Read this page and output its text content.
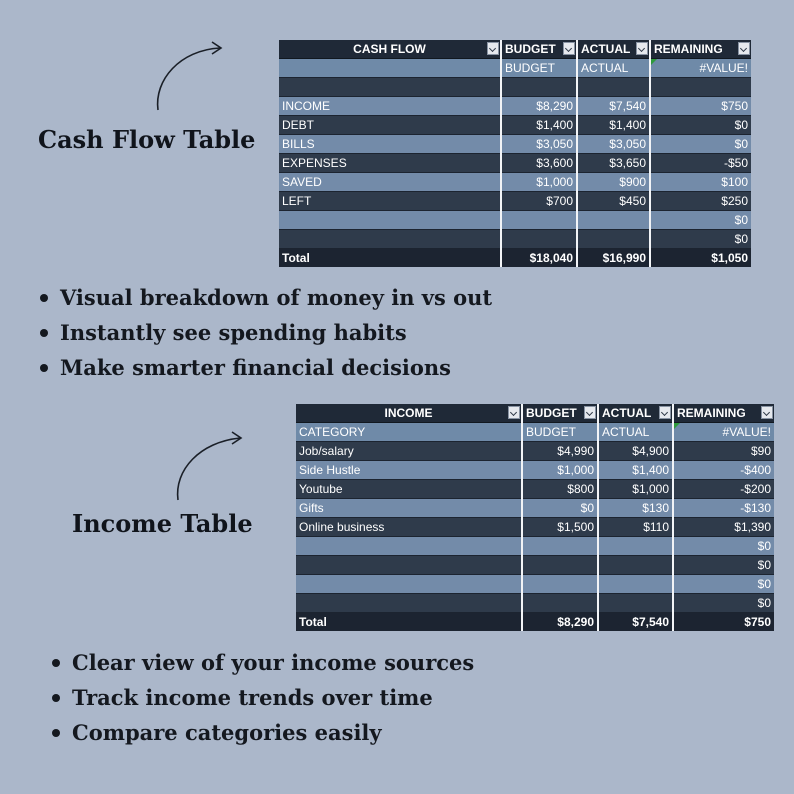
Cash Flow Table
CASH FLOW	BUDGET	ACTUAL	REMAINING

	BUDGET	ACTUAL	#VALUE!

INCOME	$8,290	$7,540	$750
DEBT	$1,400	$1,400	$0
BILLS	$3,050	$3,050	$0
EXPENSES	$3,600	$3,650	-$50
SAVED	$1,000	$900	$100
LEFT	$700	$450	$250
			$0
			$0
Total	$18,040	$16,990	$1,050
Visual breakdown of money in vs out
Instantly see spending habits
Make smarter financial decisions
Income Table
INCOME	BUDGET	ACTUAL	REMAINING

CATEGORY	BUDGET	ACTUAL	#VALUE!
Job/salary	$4,990	$4,900	$90
Side Hustle	$1,000	$1,400	-$400
Youtube	$800	$1,000	-$200
Gifts	$0	$130	-$130
Online business	$1,500	$110	$1,390
			$0
			$0
			$0
			$0
Total	$8,290	$7,540	$750
Clear view of your income sources
Track income trends over time
Compare categories easily
